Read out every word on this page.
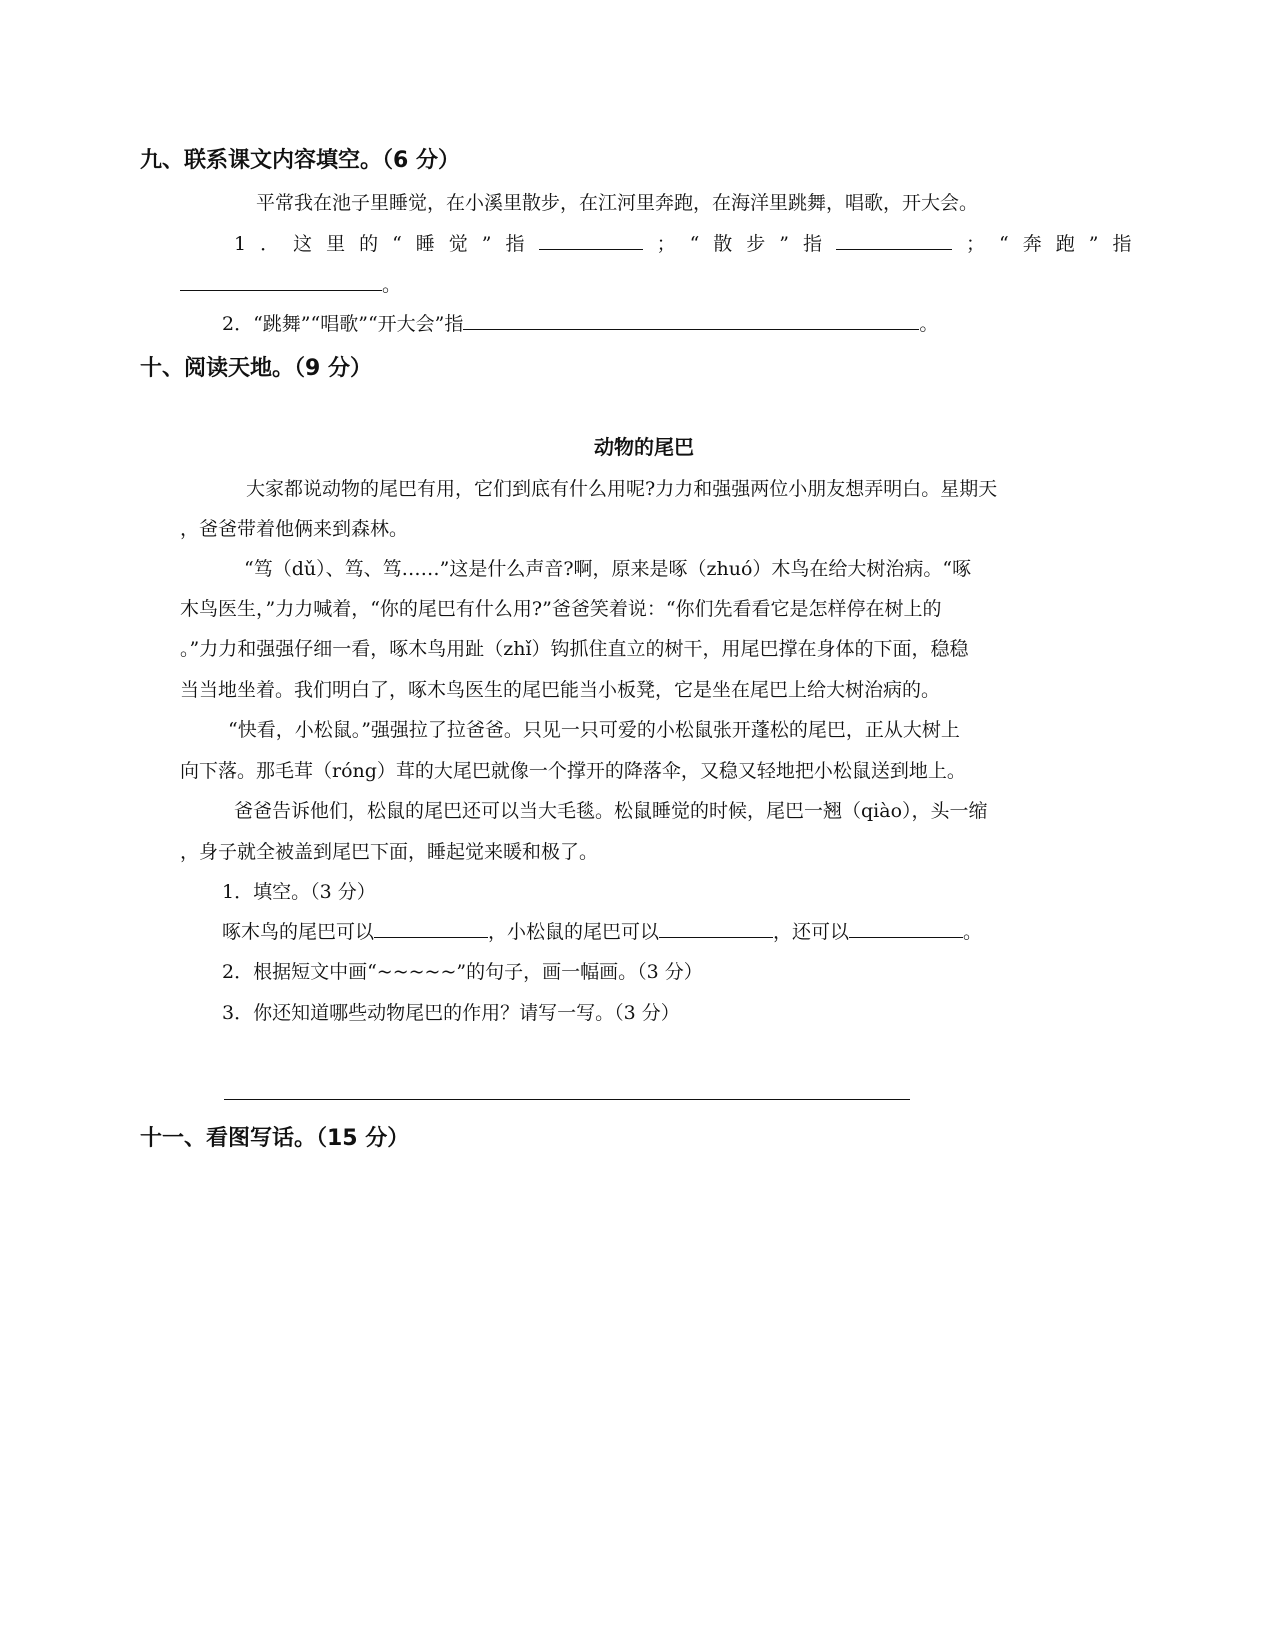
九、联系课文内容填空。（6 分）
平常我在池子里睡觉，在小溪里散步，在江河里奔跑，在海洋里跳舞，唱歌，开大会。
1．这里的“睡觉”指	；“散步”指	；“奔跑”指
。
2．“跳舞”“唱歌”“开大会”指	。
十、阅读天地。（9 分）
动物的尾巴
大家都说动物的尾巴有用，它们到底有什么用呢?力力和强强两位小朋友想弄明白。星期天
，爸爸带着他俩来到森林。
“笃（dǔ）、笃、笃……”这是什么声音?啊，原来是啄（zhuó）木鸟在给大树治病。“啄
木鸟医生，”力力喊着，“你的尾巴有什么用?”爸爸笑着说：“你们先看看它是怎样停在树上的
。”力力和强强仔细一看，啄木鸟用趾（zhǐ）钩抓住直立的树干，用尾巴撑在身体的下面，稳稳
当当地坐着。我们明白了，啄木鸟医生的尾巴能当小板凳，它是坐在尾巴上给大树治病的。
“快看，小松鼠。”强强拉了拉爸爸。只见一只可爱的小松鼠张开蓬松的尾巴，正从大树上
向下落。那毛茸（róng）茸的大尾巴就像一个撑开的降落伞，又稳又轻地把小松鼠送到地上。
爸爸告诉他们，松鼠的尾巴还可以当大毛毯。松鼠睡觉的时候，尾巴一翘（qiào），头一缩
，身子就全被盖到尾巴下面，睡起觉来暖和极了。
1．填空。（3 分）
啄木鸟的尾巴可以	，小松鼠的尾巴可以	，还可以	。
2．根据短文中画“~~~~~”的句子，画一幅画。（3 分）
3．你还知道哪些动物尾巴的作用？请写一写。（3 分）
十一、看图写话。（15 分）
